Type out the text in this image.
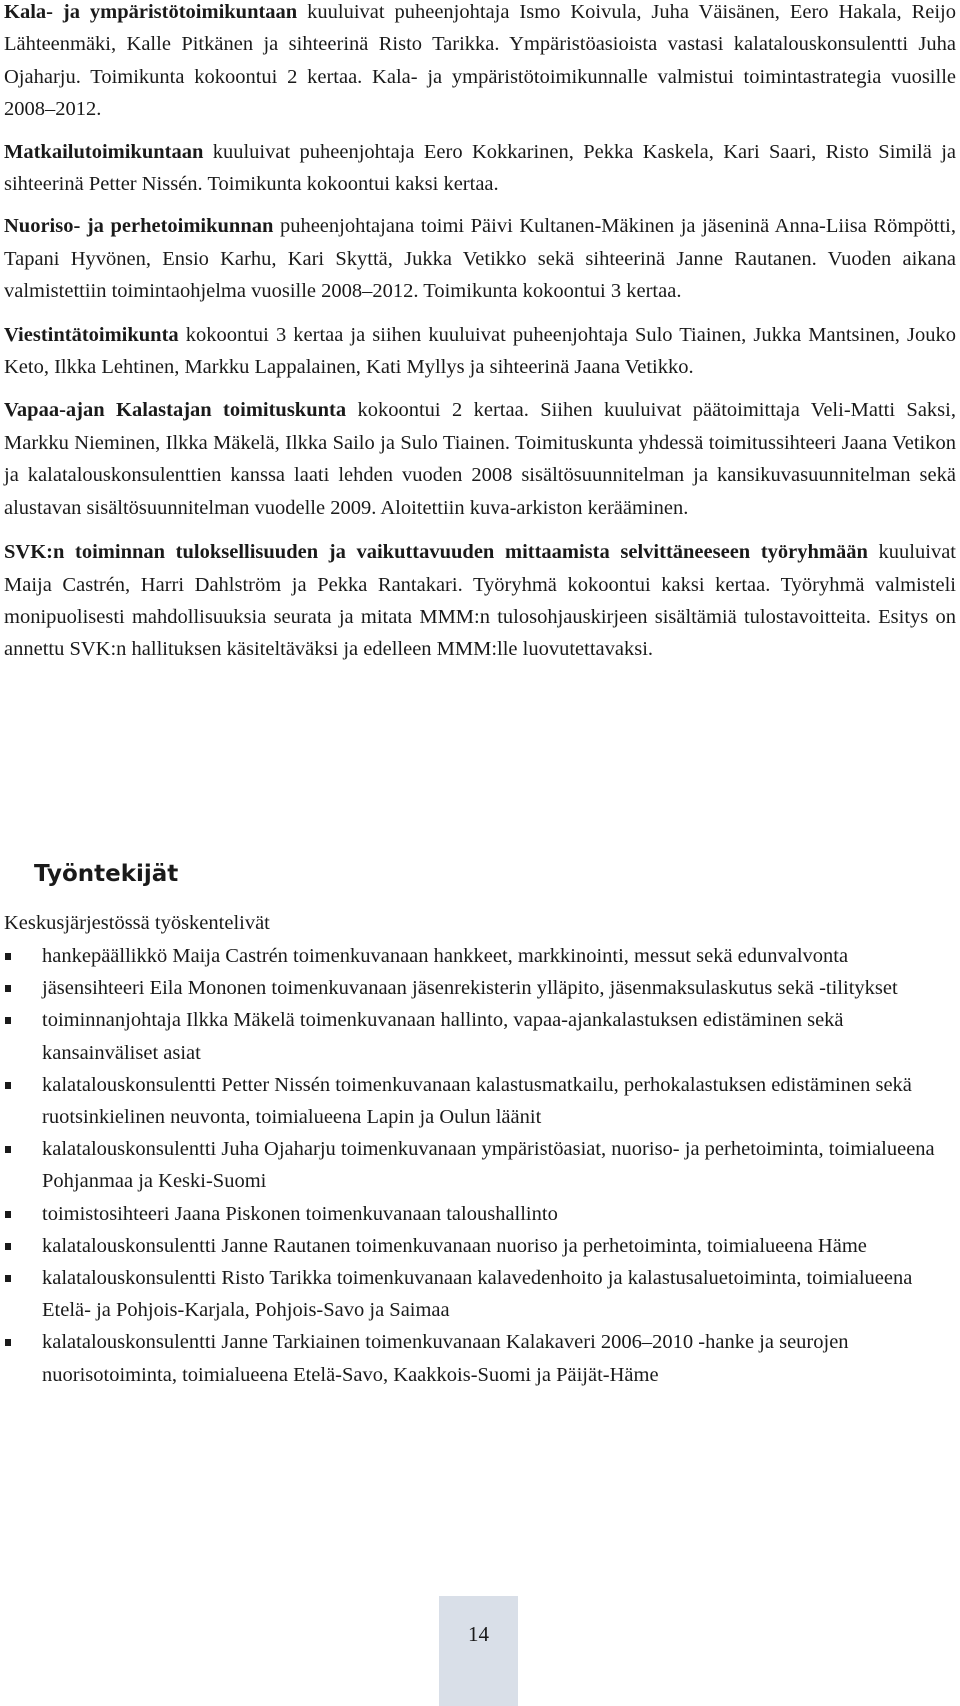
Kala- ja ympäristötoimikuntaan kuuluivat puheenjohtaja Ismo Koivula, Juha Väisänen, Eero Hakala, Reijo Lähteenmäki, Kalle Pitkänen ja sihteerinä Risto Tarikka. Ympäristöasioista vastasi kalatalouskonsulentti Juha Ojaharju. Toimikunta kokoontui 2 kertaa. Kala- ja ympäristötoimikunnalle valmistui toimintastrategia vuosille 2008–2012.

Matkailutoimikuntaan kuuluivat puheenjohtaja Eero Kokkarinen, Pekka Kaskela, Kari Saari, Risto Similä ja sihteerinä Petter Nissén. Toimikunta kokoontui kaksi kertaa.

Nuoriso- ja perhetoimikunnan puheenjohtajana toimi Päivi Kultanen-Mäkinen ja jäseninä Anna-Liisa Römpötti, Tapani Hyvönen, Ensio Karhu, Kari Skyttä, Jukka Vetikko sekä sihteerinä Janne Rautanen. Vuoden aikana valmistettiin toimintaohjelma vuosille 2008–2012. Toimikunta kokoontui 3 kertaa.

Viestintätoimikunta kokoontui 3 kertaa ja siihen kuuluivat puheenjohtaja Sulo Tiainen, Jukka Mantsinen, Jouko Keto, Ilkka Lehtinen, Markku Lappalainen, Kati Myllys ja sihteerinä Jaana Vetikko.

Vapaa-ajan Kalastajan toimituskunta kokoontui 2 kertaa. Siihen kuuluivat päätoimittaja Veli-Matti Saksi, Markku Nieminen, Ilkka Mäkelä, Ilkka Sailo ja Sulo Tiainen. Toimituskunta yhdessä toimitussihteeri Jaana Vetikon ja kalatalouskonsulenttien kanssa laati lehden vuoden 2008 sisältösuunnitelman ja kansikuvasuunnitelman sekä alustavan sisältösuunnitelman vuodelle 2009. Aloitettiin kuva-arkiston kerääminen.

SVK:n toiminnan tuloksellisuuden ja vaikuttavuuden mittaamista selvittäneeseen työryhmään kuuluivat Maija Castrén, Harri Dahlström ja Pekka Rantakari. Työryhmä kokoontui kaksi kertaa. Työryhmä valmisteli monipuolisesti mahdollisuuksia seurata ja mitata MMM:n tulosohjauskirjeen sisältämiä tulostavoitteita. Esitys on annettu SVK:n hallituksen käsiteltäväksi ja edelleen MMM:lle luovutettavaksi.

Työntekijät

Keskusjärjestössä työskentelivät

hankepäällikkö Maija Castrén toimenkuvanaan hankkeet, markkinointi, messut sekä edunvalvonta
jäsensihteeri Eila Mononen toimenkuvanaan jäsenrekisterin ylläpito, jäsenmaksulaskutus sekä -tilitykset
toiminnanjohtaja Ilkka Mäkelä toimenkuvanaan hallinto, vapaa-ajankalastuksen edistäminen sekä kansainväliset asiat
kalatalouskonsulentti Petter Nissén toimenkuvanaan kalastusmatkailu, perhokalastuksen edistäminen sekä ruotsinkielinen neuvonta, toimialueena Lapin ja Oulun läänit
kalatalouskonsulentti Juha Ojaharju toimenkuvanaan ympäristöasiat, nuoriso- ja perhetoiminta, toimialueena Pohjanmaa ja Keski-Suomi
toimistosihteeri Jaana Piskonen toimenkuvanaan taloushallinto
kalatalouskonsulentti Janne Rautanen toimenkuvanaan nuoriso ja perhetoiminta, toimialueena Häme
kalatalouskonsulentti Risto Tarikka toimenkuvanaan kalavedenhoito ja kalastusaluetoiminta, toimialueena Etelä- ja Pohjois-Karjala, Pohjois-Savo ja Saimaa
kalatalouskonsulentti Janne Tarkiainen toimenkuvanaan Kalakaveri 2006–2010 -hanke ja seurojen nuorisotoiminta, toimialueena Etelä-Savo, Kaakkois-Suomi ja Päijät-Häme
14
